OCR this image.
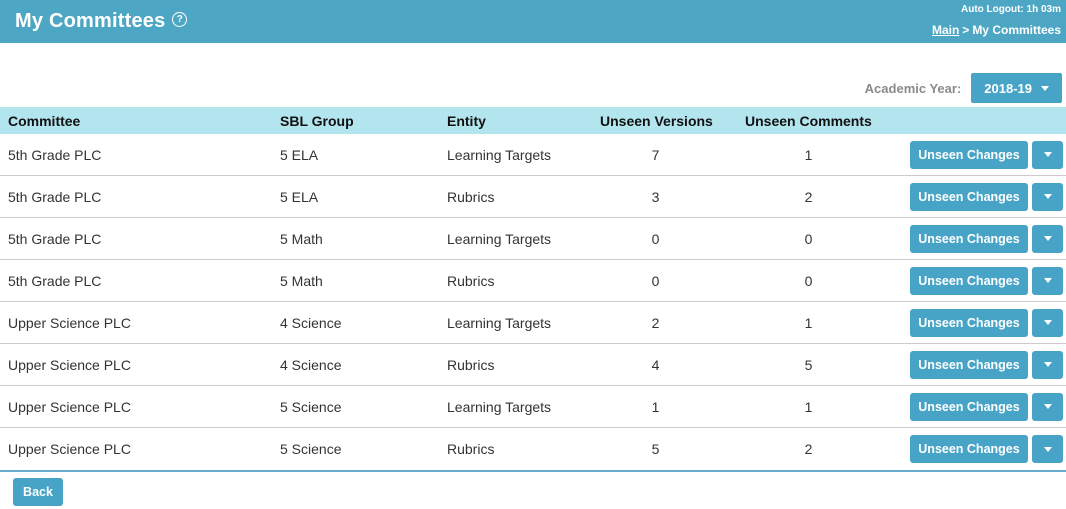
My Committees ?
Auto Logout: 1h 03m
Main > My Committees
Academic Year: 2018-19
Committee	SBL Group	Entity	Unseen Versions	Unseen Comments
5th Grade PLC	5 ELA	Learning Targets	7	1	Unseen Changes
5th Grade PLC	5 ELA	Rubrics	3	2	Unseen Changes
5th Grade PLC	5 Math	Learning Targets	0	0	Unseen Changes
5th Grade PLC	5 Math	Rubrics	0	0	Unseen Changes
Upper Science PLC	4 Science	Learning Targets	2	1	Unseen Changes
Upper Science PLC	4 Science	Rubrics	4	5	Unseen Changes
Upper Science PLC	5 Science	Learning Targets	1	1	Unseen Changes
Upper Science PLC	5 Science	Rubrics	5	2	Unseen Changes
Back
